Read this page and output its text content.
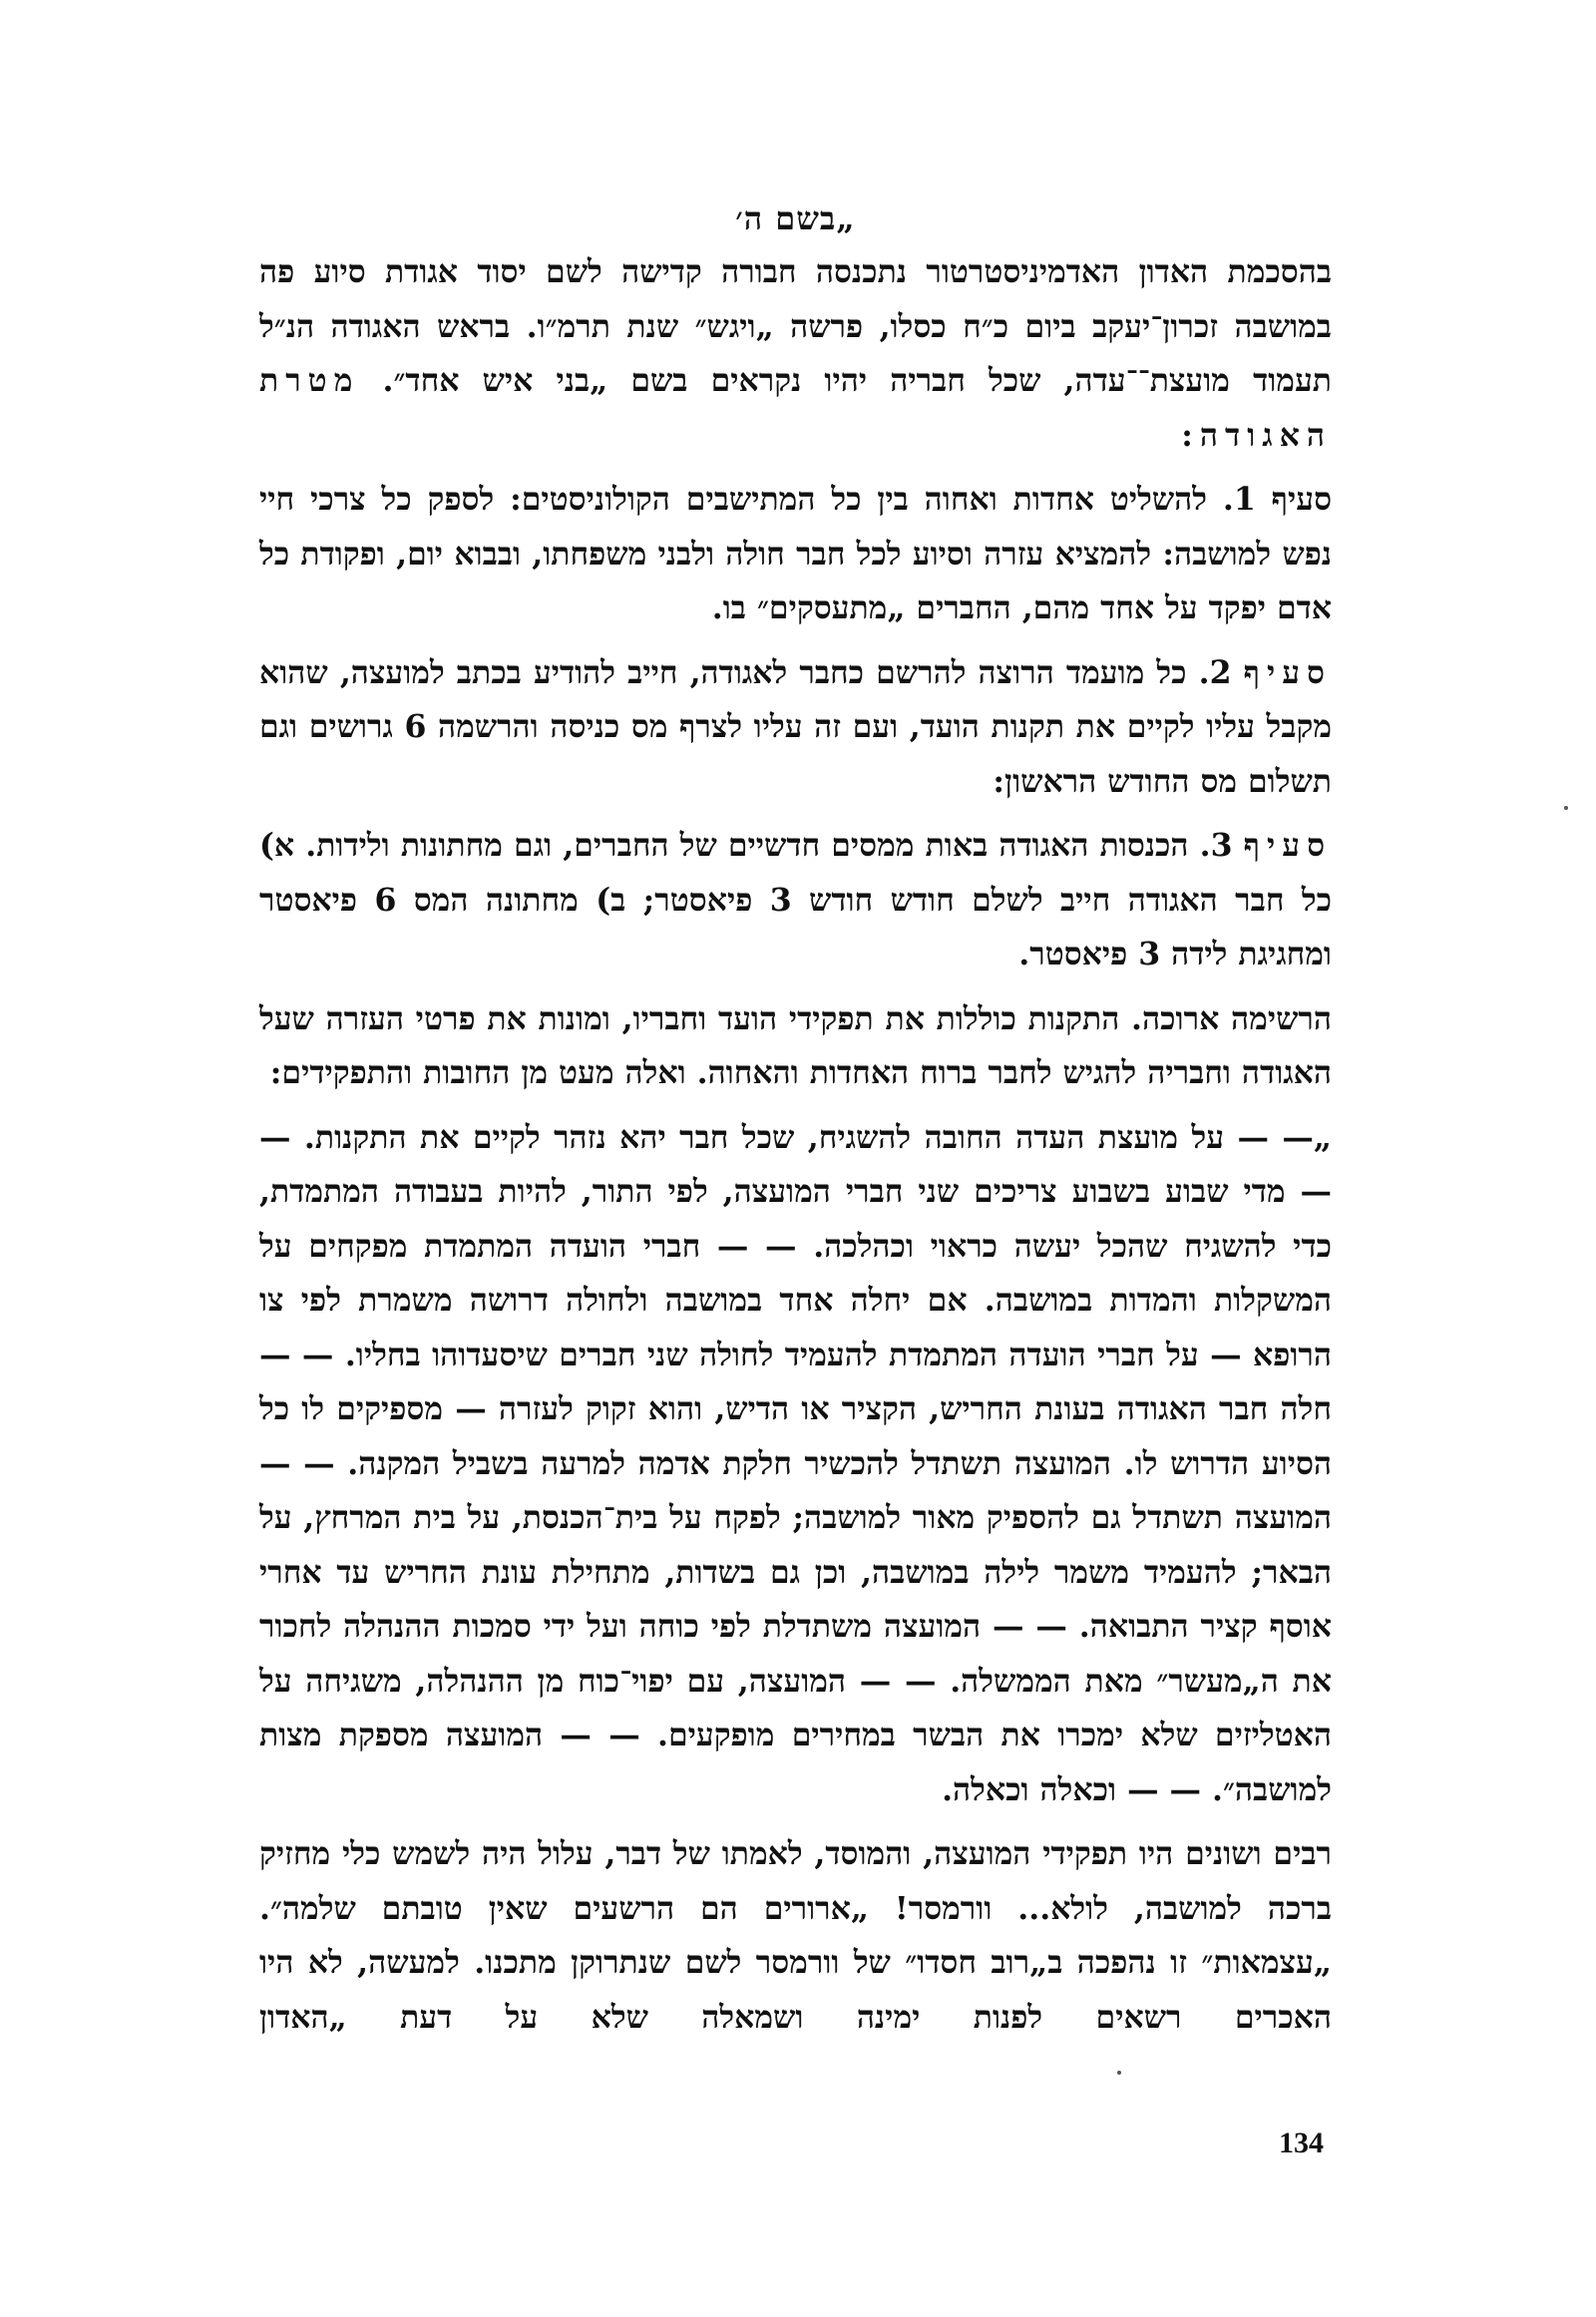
„בשם ה׳

בהסכמת האדון האדמיניסטרטור נתכנסה חבורה קדישה לשם יסוד אגודת סיוע פה במושבה זכרון־יעקב ביום כ״ח כסלו, פרשה „ויגש״ שנת תרמ״ו. בראש האגודה הנ״ל תעמוד מועצת־־עדה, שכל חבריה יהיו נקראים בשם „בני איש אחד״. מטרת האגודה:

סעיף 1. להשליט אחדות ואחוה בין כל המתישבים הקולוניסטים: לספק כל צרכי חיי נפש למושבה: להמציא עזרה וסיוע לכל חבר חולה ולבני משפחתו, ובבוא יום, ופקודת כל אדם יפקד על אחד מהם, החברים „מתעסקים״ בו.

סעיף 2. כל מועמד הרוצה להרשם כחבר לאגודה, חייב להודיע בכתב למועצה, שהוא מקבל עליו לקיים את תקנות הועד, ועם זה עליו לצרף מס כניסה והרשמה 6 גרושים וגם תשלום מס החודש הראשון:

סעיף 3. הכנסות האגודה באות ממסים חדשיים של החברים, וגם מחתונות ולידות. א) כל חבר האגודה חייב לשלם חודש חודש 3 פיאסטר; ב) מחתונה המס 6 פיאסטר ומחגיגת לידה 3 פיאסטר.

הרשימה ארוכה. התקנות כוללות את תפקידי הועד וחבריו, ומונות את פרטי העזרה שעל האגודה וחבריה להגיש לחבר ברוח האחדות והאחוה. ואלה מעט מן החובות והתפקידים:

„— — על מועצת העדה החובה להשגיח, שכל חבר יהא נזהר לקיים את התקנות. — — מדי שבוע בשבוע צריכים שני חברי המועצה, לפי התור, להיות בעבודה המתמדת, כדי להשגיח שהכל יעשה כראוי וכהלכה. — — חברי הועדה המתמדת מפקחים על המשקלות והמדות במושבה. אם יחלה אחד במושבה ולחולה דרושה משמרת לפי צו הרופא — על חברי הועדה המתמדת להעמיד לחולה שני חברים שיסעדוהו בחליו. — — חלה חבר האגודה בעונת החריש, הקציר או הדיש, והוא זקוק לעזרה — מספיקים לו כל הסיוע הדרוש לו. המועצה תשתדל להכשיר חלקת אדמה למרעה בשביל המקנה. — — המועצה תשתדל גם להספיק מאור למושבה; לפקח על בית־הכנסת, על בית המרחץ, על הבאר; להעמיד משמר לילה במושבה, וכן גם בשדות, מתחילת עונת החריש עד אחרי אוסף קציר התבואה. — — המועצה משתדלת לפי כוחה ועל ידי סמכות ההנהלה לחכור את ה„מעשר״ מאת הממשלה. — — המועצה, עם יפוי־כוח מן ההנהלה, משגיחה על האטליזים שלא ימכרו את הבשר במחירים מופקעים. — — המועצה מספקת מצות למושבה״. — — וכאלה וכאלה.

רבים ושונים היו תפקידי המועצה, והמוסד, לאמתו של דבר, עלול היה לשמש כלי מחזיק ברכה למושבה, לולא... וורמסר! „ארורים הם הרשעים שאין טובתם שלמה״. „עצמאות״ זו נהפכה ב„רוב חסדו״ של וורמסר לשם שנתרוקן מתכנו. למעשה, לא היו האכרים רשאים לפנות ימינה ושמאלה שלא על דעת „האדון

134
